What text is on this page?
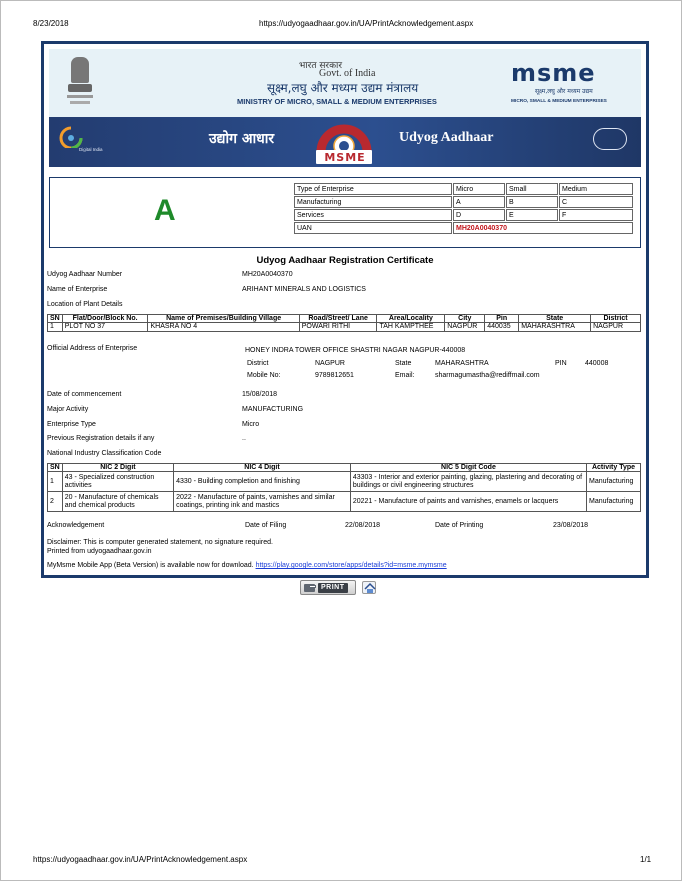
8/23/2018	https://udyogaadhaar.gov.in/UA/PrintAcknowledgement.aspx
भारत सरकार
Govt. of India
सूक्ष्म,लघु और मध्यम उद्यम मंत्रालय
MINISTRY OF MICRO, SMALL & MEDIUM ENTERPRISES
msme
सूक्ष्म,लघु और मध्यम उद्यम
MICRO, SMALL & MEDIUM ENTERPRISES
Digital India
उद्योग आधार
MSME
Udyog Aadhaar
A
Type of Enterprise	Micro	Small	Medium
Manufacturing	A	B	C
Services	D	E	F
UAN	MH20A0040370		
Udyog Aadhaar Registration Certificate
Udyog Aadhaar Number	MH20A0040370
Name of Enterprise	ARIHANT MINERALS AND LOGISTICS
Location of Plant Details
SN	Flat/Door/Block No.	Name of Premises/Building Village	Road/Street/ Lane	Area/Locality	City	Pin	State	District
1	PLOT NO 37	KHASRA NO 4	POWARI RITHI	TAH KAMPTHEE	NAGPUR	440035	MAHARASHTRA	NAGPUR
Official Address of Enterprise	HONEY INDRA TOWER OFFICE SHASTRI NAGAR NAGPUR-440008
District	NAGPUR	State	MAHARASHTRA	PIN	440008
Mobile No:	9789812651	Email:	sharmagumastha@rediffmail.com
Date of commencement	15/08/2018
Major Activity	MANUFACTURING
Enterprise Type	Micro
Previous Registration details if any	..
National Industry Classification Code
SN	NIC 2 Digit	NIC 4 Digit	NIC 5 Digit Code	Activity Type
1	43 - Specialized construction activities	4330 - Building completion and finishing	43303 - Interior and exterior painting, glazing, plastering and decorating of buildings or civil engineering structures	Manufacturing
2	20 - Manufacture of chemicals and chemical products	2022 - Manufacture of paints, varnishes and similar coatings, printing ink and mastics	20221 - Manufacture of paints and varnishes, enamels or lacquers	Manufacturing
Acknowledgement	Date of Filing	22/08/2018	Date of Printing	23/08/2018
Disclaimer: This is computer generated statement, no signature required.
Printed from udyogaadhaar.gov.in
MyMsme Mobile App (Beta Version) is available now for download. https://play.google.com/store/apps/details?id=msme.mymsme
PRINT
https://udyogaadhaar.gov.in/UA/PrintAcknowledgement.aspx	1/1
